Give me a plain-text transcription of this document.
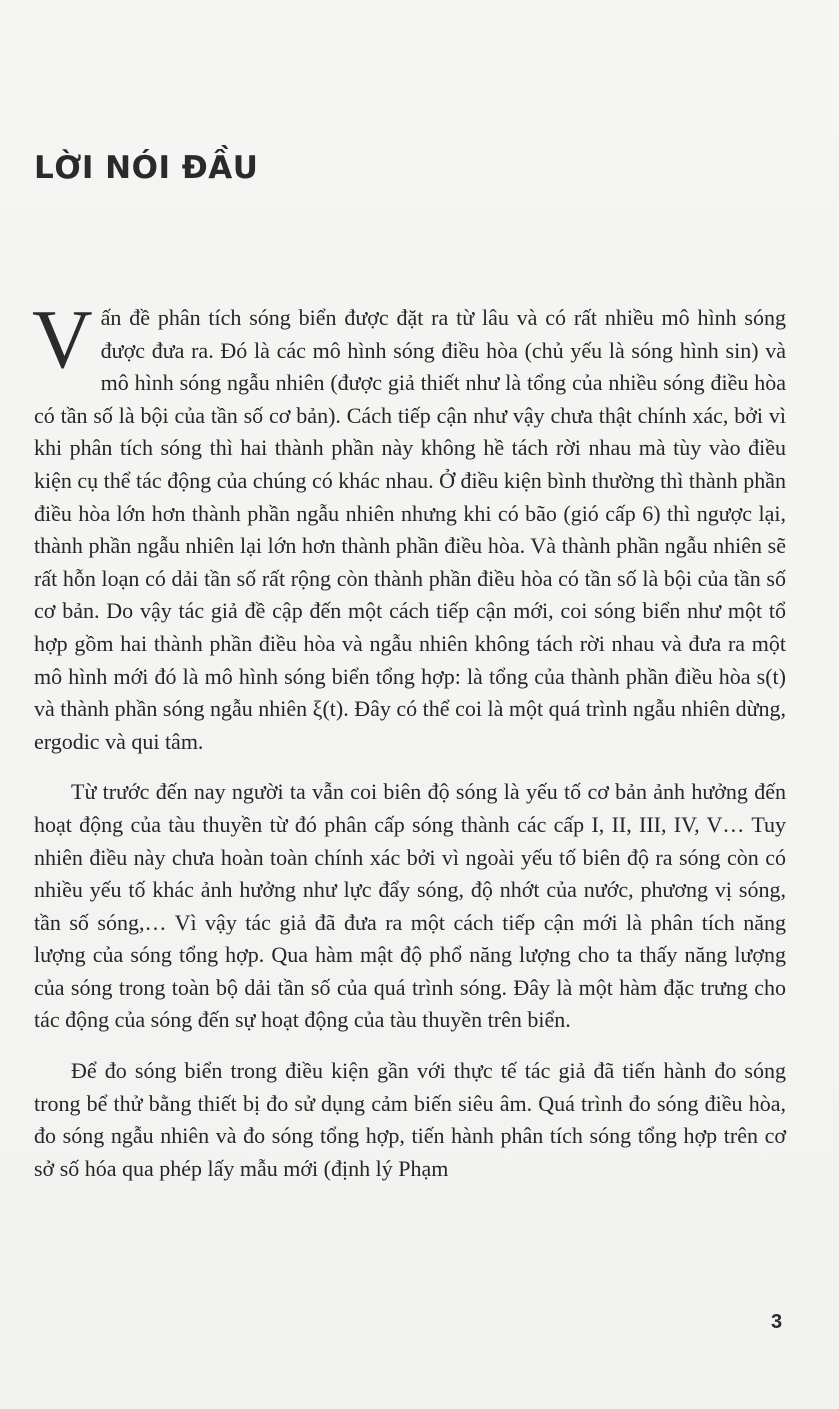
LỜI NÓI ĐẦU

Vấn đề phân tích sóng biển được đặt ra từ lâu và có rất nhiều mô hình sóng được đưa ra. Đó là các mô hình sóng điều hòa (chủ yếu là sóng hình sin) và mô hình sóng ngẫu nhiên (được giả thiết như là tổng của nhiều sóng điều hòa có tần số là bội của tần số cơ bản). Cách tiếp cận như vậy chưa thật chính xác, bởi vì khi phân tích sóng thì hai thành phần này không hề tách rời nhau mà tùy vào điều kiện cụ thể tác động của chúng có khác nhau. Ở điều kiện bình thường thì thành phần điều hòa lớn hơn thành phần ngẫu nhiên nhưng khi có bão (gió cấp 6) thì ngược lại, thành phần ngẫu nhiên lại lớn hơn thành phần điều hòa. Và thành phần ngẫu nhiên sẽ rất hỗn loạn có dải tần số rất rộng còn thành phần điều hòa có tần số là bội của tần số cơ bản. Do vậy tác giả đề cập đến một cách tiếp cận mới, coi sóng biển như một tổ hợp gồm hai thành phần điều hòa và ngẫu nhiên không tách rời nhau và đưa ra một mô hình mới đó là mô hình sóng biển tổng hợp: là tổng của thành phần điều hòa s(t) và thành phần sóng ngẫu nhiên ξ(t). Đây có thể coi là một quá trình ngẫu nhiên dừng, ergodic và qui tâm.

Từ trước đến nay người ta vẫn coi biên độ sóng là yếu tố cơ bản ảnh hưởng đến hoạt động của tàu thuyền từ đó phân cấp sóng thành các cấp I, II, III, IV, V… Tuy nhiên điều này chưa hoàn toàn chính xác bởi vì ngoài yếu tố biên độ ra sóng còn có nhiều yếu tố khác ảnh hưởng như lực đẩy sóng, độ nhớt của nước, phương vị sóng, tần số sóng,… Vì vậy tác giả đã đưa ra một cách tiếp cận mới là phân tích năng lượng của sóng tổng hợp. Qua hàm mật độ phổ năng lượng cho ta thấy năng lượng của sóng trong toàn bộ dải tần số của quá trình sóng. Đây là một hàm đặc trưng cho tác động của sóng đến sự hoạt động của tàu thuyền trên biển.

Để đo sóng biển trong điều kiện gần với thực tế tác giả đã tiến hành đo sóng trong bể thử bằng thiết bị đo sử dụng cảm biến siêu âm. Quá trình đo sóng điều hòa, đo sóng ngẫu nhiên và đo sóng tổng hợp, tiến hành phân tích sóng tổng hợp trên cơ sở số hóa qua phép lấy mẫu mới (định lý Phạm

3
